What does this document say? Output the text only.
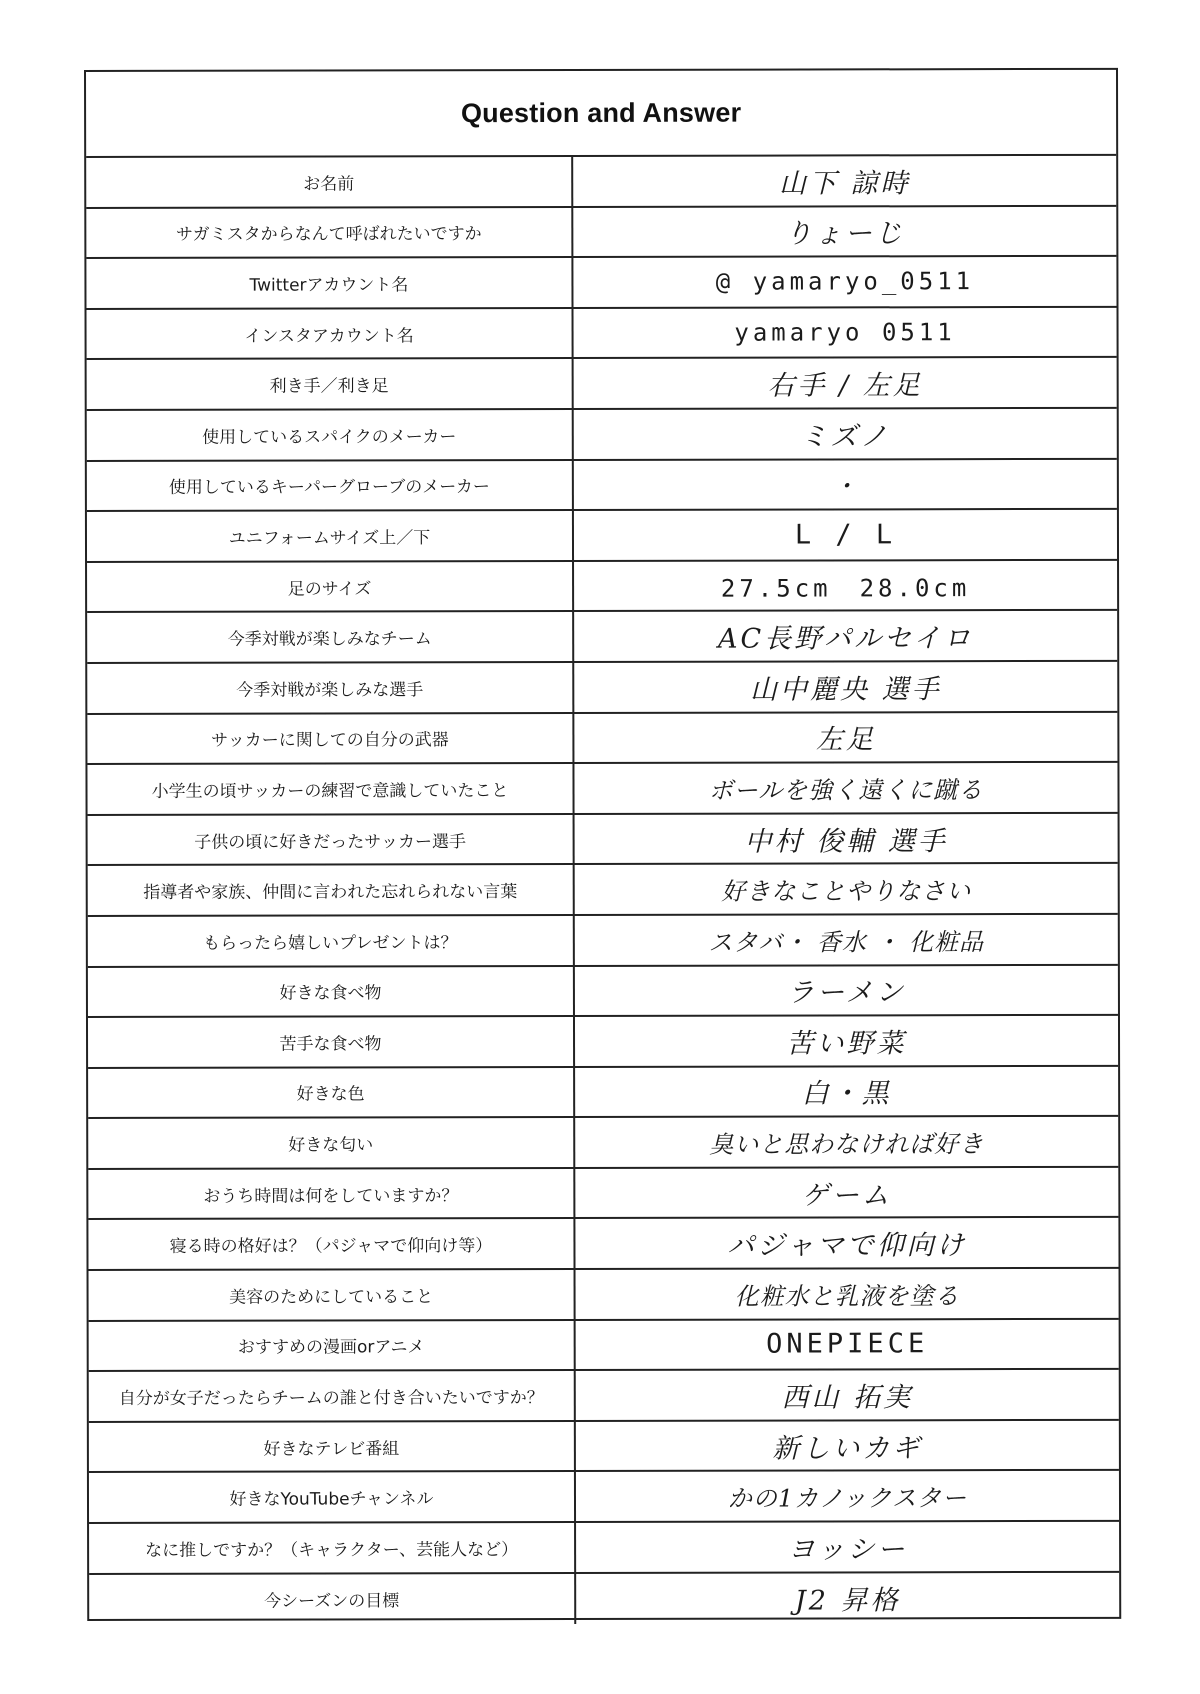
Question and Answer
お名前	山下 諒時
サガミスタからなんて呼ばれたいですか	りょーじ
Twitterアカウント名	@ yamaryo_0511
インスタアカウント名	yamaryo 0511
利き手／利き足	右手 / 左足
使用しているスパイクのメーカー	ミズノ
使用しているキーパーグローブのメーカー	・
ユニフォームサイズ上／下	L / L
足のサイズ	27.5cm　28.0cm
今季対戦が楽しみなチーム	AC長野パルセイロ
今季対戦が楽しみな選手	山中麗央 選手
サッカーに関しての自分の武器	左足
小学生の頃サッカーの練習で意識していたこと	ボールを強く遠くに蹴る
子供の頃に好きだったサッカー選手	中村 俊輔 選手
指導者や家族、仲間に言われた忘れられない言葉	好きなことやりなさい
もらったら嬉しいプレゼントは？	スタバ・ 香水 ・ 化粧品
好きな食べ物	ラーメン
苦手な食べ物	苦い野菜
好きな色	白・黒
好きな匂い	臭いと思わなければ好き
おうち時間は何をしていますか？	ゲーム
寝る時の格好は？（パジャマで仰向け等）	パジャマで仰向け
美容のためにしていること	化粧水と乳液を塗る
おすすめの漫画orアニメ	ONEPIECE
自分が女子だったらチームの誰と付き合いたいですか？	西山 拓実
好きなテレビ番組	新しいカギ
好きなYouTubeチャンネル	かの1カノックスター
なに推しですか？（キャラクター、芸能人など）	ヨッシー
今シーズンの目標	J2 昇格
